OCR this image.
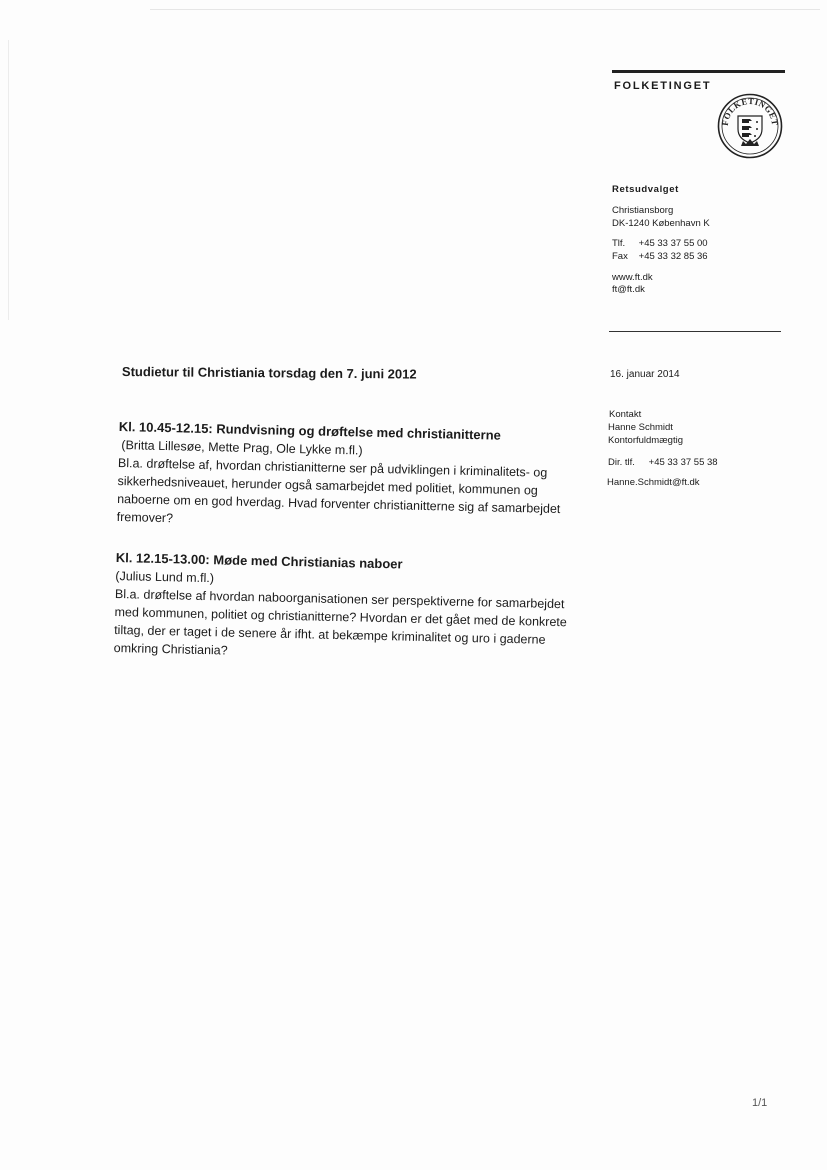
FOLKETINGET
FOLKETINGET
Retsudvalget
Christiansborg
DK-1240 København K
Tlf. +45 33 37 55 00
Fax +45 33 32 85 36
www.ft.dk
ft@ft.dk
16. januar 2014
Kontakt
Hanne Schmidt
Kontorfuldmægtig
Dir. tlf. +45 33 37 55 38
Hanne.Schmidt@ft.dk
Studietur til Christiania torsdag den 7. juni 2012

Kl. 10.45-12.15: Rundvisning og drøftelse med christianitterne

(Britta Lillesøe, Mette Prag, Ole Lykke m.fl.)

Bl.a. drøftelse af, hvordan christianitterne ser på udviklingen i kriminalitets- og sikkerhedsniveauet, herunder også samarbejdet med politiet, kommunen og naboerne om en god hverdag. Hvad forventer christianitterne sig af samarbejdet fremover?

Kl. 12.15-13.00: Møde med Christianias naboer

(Julius Lund m.fl.)

Bl.a. drøftelse af hvordan naboorganisationen ser perspektiverne for samarbejdet med kommunen, politiet og christianitterne? Hvordan er det gået med de konkrete tiltag, der er taget i de senere år ifht. at bekæmpe kriminalitet og uro i gaderne omkring Christiania?

1/1
